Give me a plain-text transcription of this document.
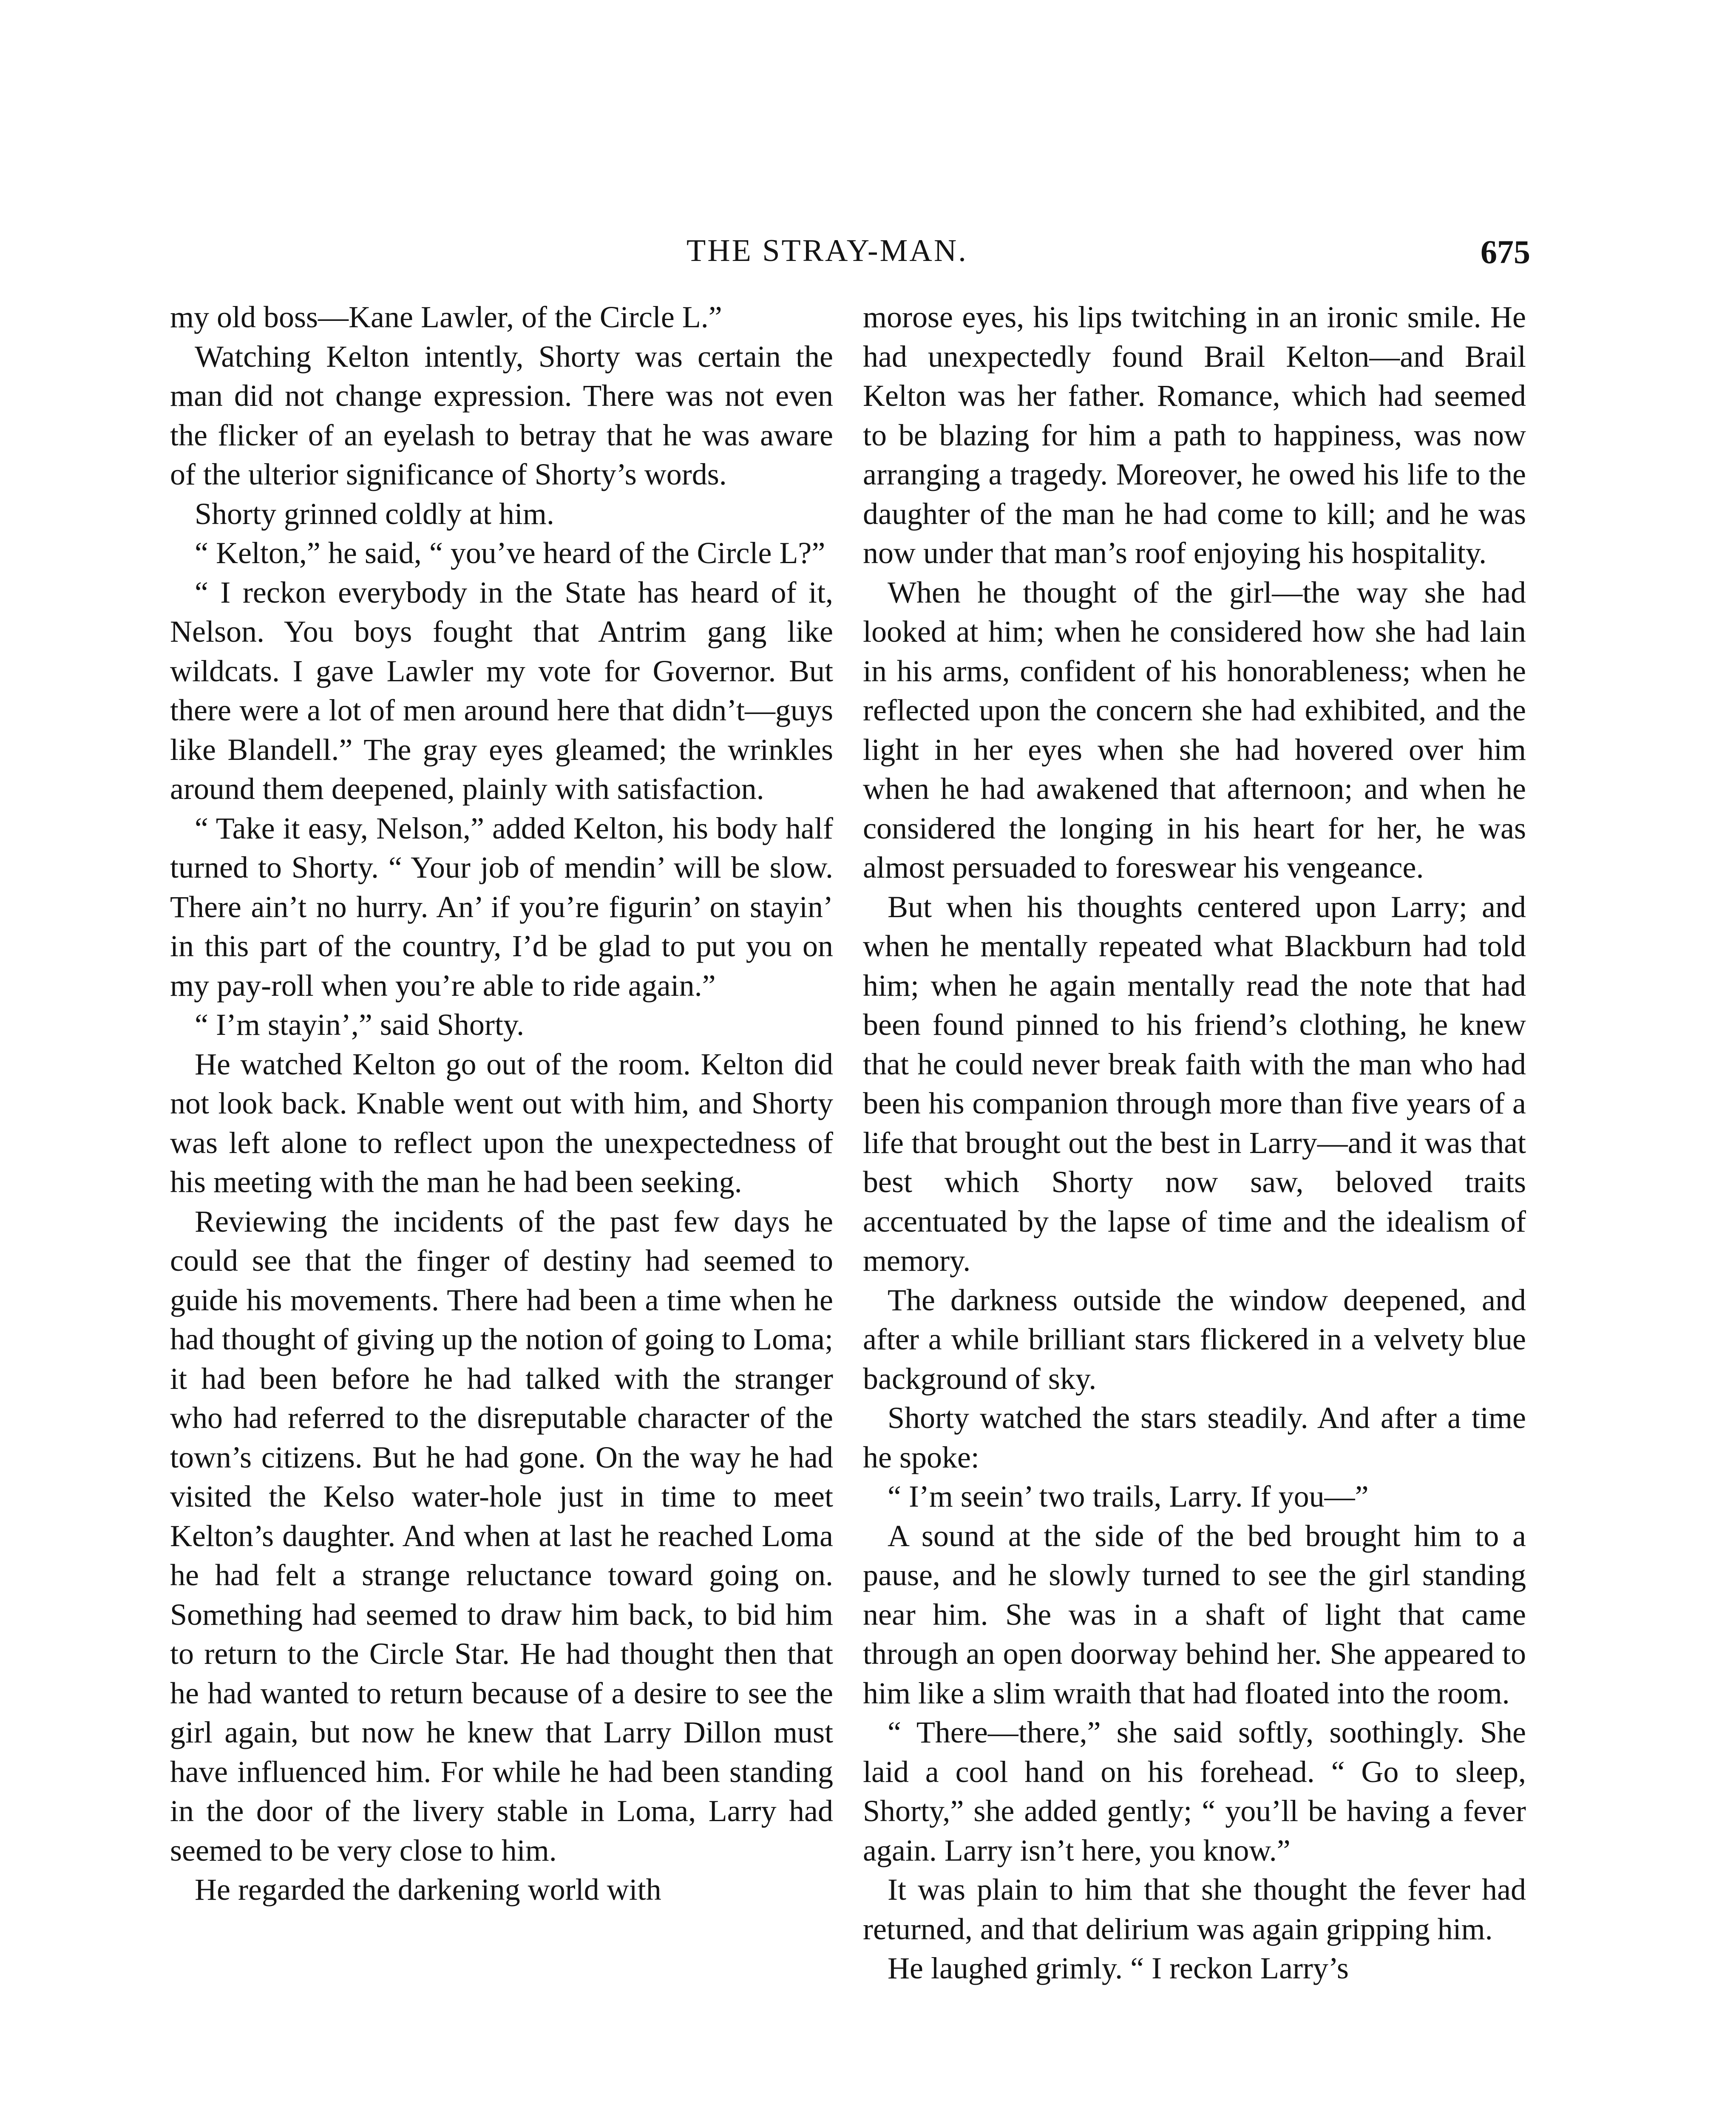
THE STRAY-MAN.	675

my old boss—Kane Lawler, of the Circle L.”

Watching Kelton intently, Shorty was certain the man did not change expression. There was not even the flicker of an eyelash to betray that he was aware of the ulterior significance of Shorty’s words.

Shorty grinned coldly at him.

“ Kelton,” he said, “ you’ve heard of the Circle L?”

“ I reckon everybody in the State has heard of it, Nelson. You boys fought that Antrim gang like wildcats. I gave Lawler my vote for Governor. But there were a lot of men around here that didn’t—guys like Blandell.” The gray eyes gleamed; the wrinkles around them deepened, plainly with satisfaction.

“ Take it easy, Nelson,” added Kelton, his body half turned to Shorty. “ Your job of mendin’ will be slow. There ain’t no hurry. An’ if you’re figurin’ on stayin’ in this part of the country, I’d be glad to put you on my pay-roll when you’re able to ride again.”

“ I’m stayin’,” said Shorty.

He watched Kelton go out of the room. Kelton did not look back. Knable went out with him, and Shorty was left alone to reflect upon the unexpectedness of his meeting with the man he had been seeking.

Reviewing the incidents of the past few days he could see that the finger of destiny had seemed to guide his movements. There had been a time when he had thought of giving up the notion of going to Loma; it had been before he had talked with the stranger who had referred to the disreputable character of the town’s citizens. But he had gone. On the way he had visited the Kelso water-hole just in time to meet Kelton’s daughter. And when at last he reached Loma he had felt a strange reluctance toward going on. Something had seemed to draw him back, to bid him to return to the Circle Star. He had thought then that he had wanted to return because of a desire to see the girl again, but now he knew that Larry Dillon must have influenced him. For while he had been standing in the door of the livery stable in Loma, Larry had seemed to be very close to him.

He regarded the darkening world with

morose eyes, his lips twitching in an ironic smile. He had unexpectedly found Brail Kelton—and Brail Kelton was her father. Romance, which had seemed to be blazing for him a path to happiness, was now arranging a tragedy. Moreover, he owed his life to the daughter of the man he had come to kill; and he was now under that man’s roof enjoying his hospitality.

When he thought of the girl—the way she had looked at him; when he considered how she had lain in his arms, confident of his honorableness; when he reflected upon the concern she had exhibited, and the light in her eyes when she had hovered over him when he had awakened that afternoon; and when he considered the longing in his heart for her, he was almost persuaded to foreswear his vengeance.

But when his thoughts centered upon Larry; and when he mentally repeated what Blackburn had told him; when he again mentally read the note that had been found pinned to his friend’s clothing, he knew that he could never break faith with the man who had been his companion through more than five years of a life that brought out the best in Larry—and it was that best which Shorty now saw, beloved traits accentuated by the lapse of time and the idealism of memory.

The darkness outside the window deepened, and after a while brilliant stars flickered in a velvety blue background of sky.

Shorty watched the stars steadily. And after a time he spoke:

“ I’m seein’ two trails, Larry. If you—”

A sound at the side of the bed brought him to a pause, and he slowly turned to see the girl standing near him. She was in a shaft of light that came through an open doorway behind her. She appeared to him like a slim wraith that had floated into the room.

“ There—there,” she said softly, soothingly. She laid a cool hand on his forehead. “ Go to sleep, Shorty,” she added gently; “ you’ll be having a fever again. Larry isn’t here, you know.”

It was plain to him that she thought the fever had returned, and that delirium was again gripping him.

He laughed grimly. “ I reckon Larry’s
